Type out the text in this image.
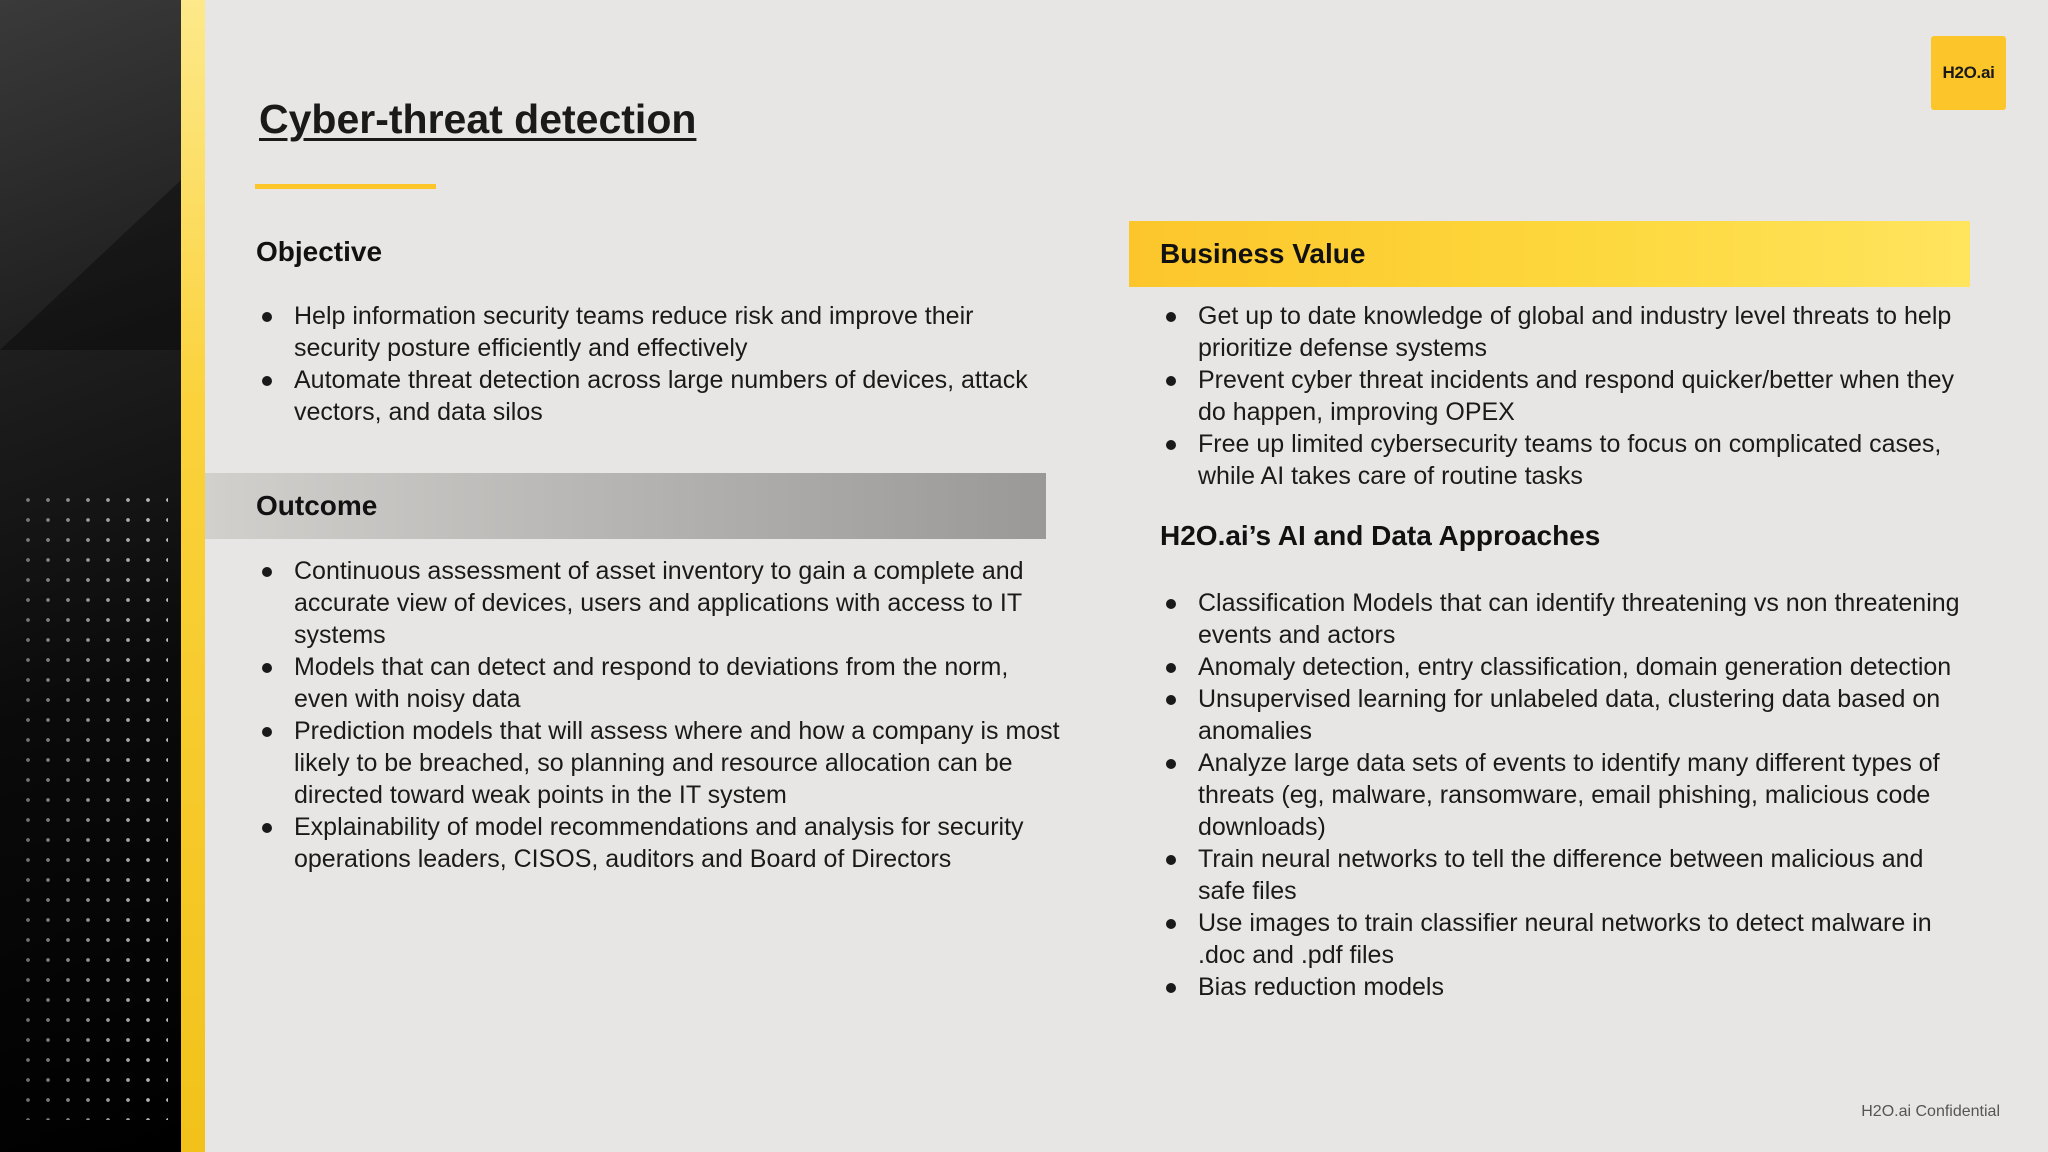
H2O.ai
Cyber-threat detection
Objective
Help information security teams reduce risk and improve their security posture efficiently and effectively
Automate threat detection across large numbers of devices, attack vectors, and data silos
Outcome
Continuous assessment of asset inventory to gain a complete and accurate view of devices, users and applications with access to IT systems
Models that can detect and respond to deviations from the norm, even with noisy data
Prediction models that will assess where and how a company is most likely to be breached, so planning and resource allocation can be directed toward weak points in the IT system
Explainability of model recommendations and analysis for security operations leaders, CISOS, auditors and Board of Directors
Business Value
Get up to date knowledge of global and industry level threats to help prioritize defense systems
Prevent cyber threat incidents and respond quicker/better when they do happen, improving OPEX
Free up limited cybersecurity teams to focus on complicated cases, while AI takes care of routine tasks
H2O.ai’s AI and Data Approaches
Classification Models that can identify threatening vs non threatening events and actors
Anomaly detection, entry classification, domain generation detection
Unsupervised learning for unlabeled data, clustering data based on anomalies
Analyze large data sets of events to identify many different types of threats (eg, malware, ransomware, email phishing, malicious code downloads)
Train neural networks to tell the difference between malicious and safe files
Use images to train classifier neural networks to detect malware in .doc and .pdf files
Bias reduction models
H2O.ai Confidential
